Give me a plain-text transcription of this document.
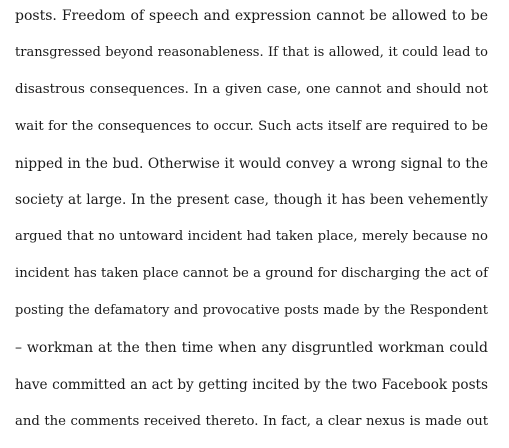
posts. Freedom of speech and expression cannot be allowed to be
transgressed beyond reasonableness. If that is allowed, it could lead to
disastrous consequences. In a given case, one cannot and should not
wait for the consequences to occur. Such acts itself are required to be
nipped in the bud. Otherwise it would convey a wrong signal to the
society at large. In the present case, though it has been vehemently
argued that no untoward incident had taken place, merely because no
incident has taken place cannot be a ground for discharging the act of
posting the defamatory and provocative posts made by the Respondent
– workman at the then time when any disgruntled workman could
have committed an act by getting incited by the two Facebook posts
and the comments received thereto. In fact, a clear nexus is made out
